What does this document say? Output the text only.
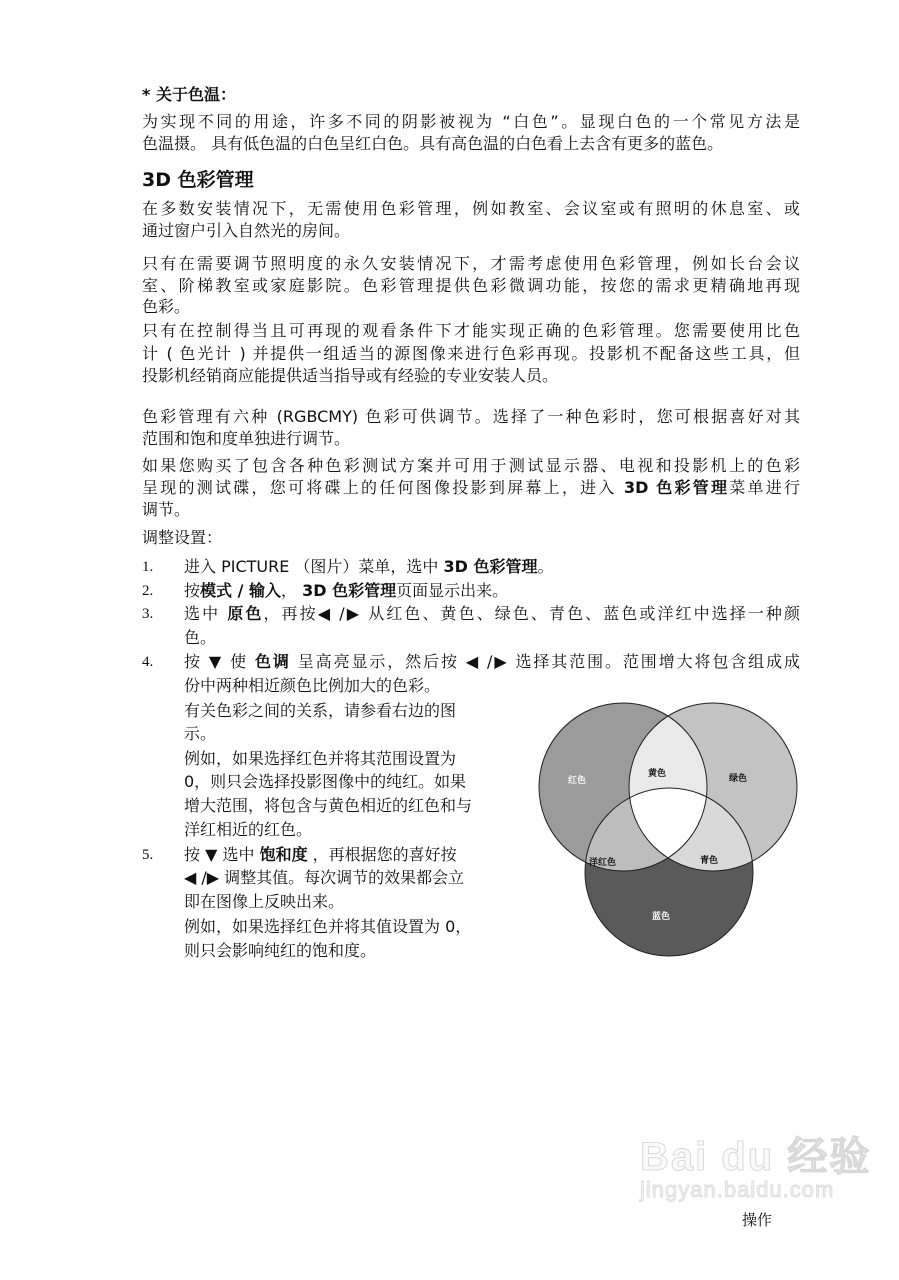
* 关于色温：
为实现不同的用途，许多不同的阴影被视为 “白色”。显现白色的一个常见方法是
色温摄。 具有低色温的白色呈红白色。具有高色温的白色看上去含有更多的蓝色。
3D 色彩管理
在多数安装情况下，无需使用色彩管理，例如教室、会议室或有照明的休息室、或
通过窗户引入自然光的房间。
只有在需要调节照明度的永久安装情况下，才需考虑使用色彩管理，例如长台会议
室、阶梯教室或家庭影院。色彩管理提供色彩微调功能，按您的需求更精确地再现
色彩。
只有在控制得当且可再现的观看条件下才能实现正确的色彩管理。您需要使用比色
计 ( 色光计 ) 并提供一组适当的源图像来进行色彩再现。投影机不配备这些工具，但
投影机经销商应能提供适当指导或有经验的专业安装人员。
色彩管理有六种 (RGBCMY) 色彩可供调节。选择了一种色彩时，您可根据喜好对其
范围和饱和度单独进行调节。
如果您购买了包含各种色彩测试方案并可用于测试显示器、电视和投影机上的色彩
呈现的测试碟，您可将碟上的任何图像投影到屏幕上，进入 3D 色彩管理菜单进行
调节。
调整设置：
1. 进入 PICTURE （图片）菜单，选中 3D 色彩管理。
2. 按模式 / 输入， 3D 色彩管理页面显示出来。
3. 选中 原色，再按◀ /▶ 从红色、黄色、绿色、青色、蓝色或洋红中选择一种颜
色。
4. 按 ▼ 使 色调 呈高亮显示，然后按 ◀ /▶ 选择其范围。范围增大将包含组成成
份中两种相近颜色比例加大的色彩。
有关色彩之间的关系，请参看右边的图
示。
例如，如果选择红色并将其范围设置为
0，则只会选择投影图像中的纯红。如果
增大范围，将包含与黄色相近的红色和与
洋红相近的红色。
5. 按 ▼ 选中 饱和度 ，再根据您的喜好按
◀ /▶ 调整其值。每次调节的效果都会立
即在图像上反映出来。
例如，如果选择红色并将其值设置为 0，
则只会影响纯红的饱和度。
红色
黄色	绿色
洋红色	青色
蓝色
Bai du 经验
jingyan.baidu.com
操作
